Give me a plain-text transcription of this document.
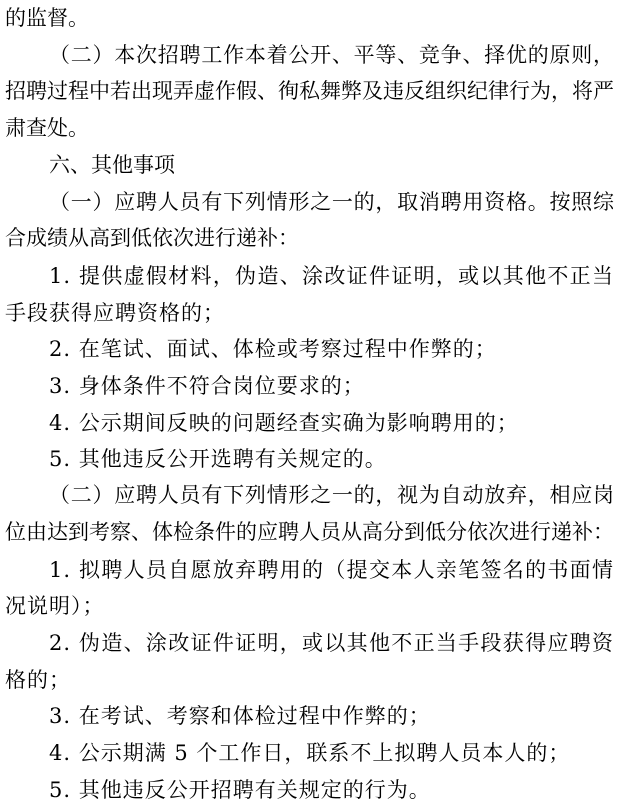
的监督。

（二）本次招聘工作本着公开、平等、竞争、择优的原则，招聘过程中若出现弄虚作假、徇私舞弊及违反组织纪律行为，将严肃查处。

六、其他事项

（一）应聘人员有下列情形之一的，取消聘用资格。按照综合成绩从高到低依次进行递补：

1. 提供虚假材料，伪造、涂改证件证明，或以其他不正当手段获得应聘资格的；

2. 在笔试、面试、体检或考察过程中作弊的；

3. 身体条件不符合岗位要求的；

4. 公示期间反映的问题经查实确为影响聘用的；

5. 其他违反公开选聘有关规定的。

（二）应聘人员有下列情形之一的，视为自动放弃，相应岗位由达到考察、体检条件的应聘人员从高分到低分依次进行递补：

1. 拟聘人员自愿放弃聘用的（提交本人亲笔签名的书面情况说明）；

2. 伪造、涂改证件证明，或以其他不正当手段获得应聘资格的；

3. 在考试、考察和体检过程中作弊的；

4. 公示期满 5 个工作日，联系不上拟聘人员本人的；

5. 其他违反公开招聘有关规定的行为。
